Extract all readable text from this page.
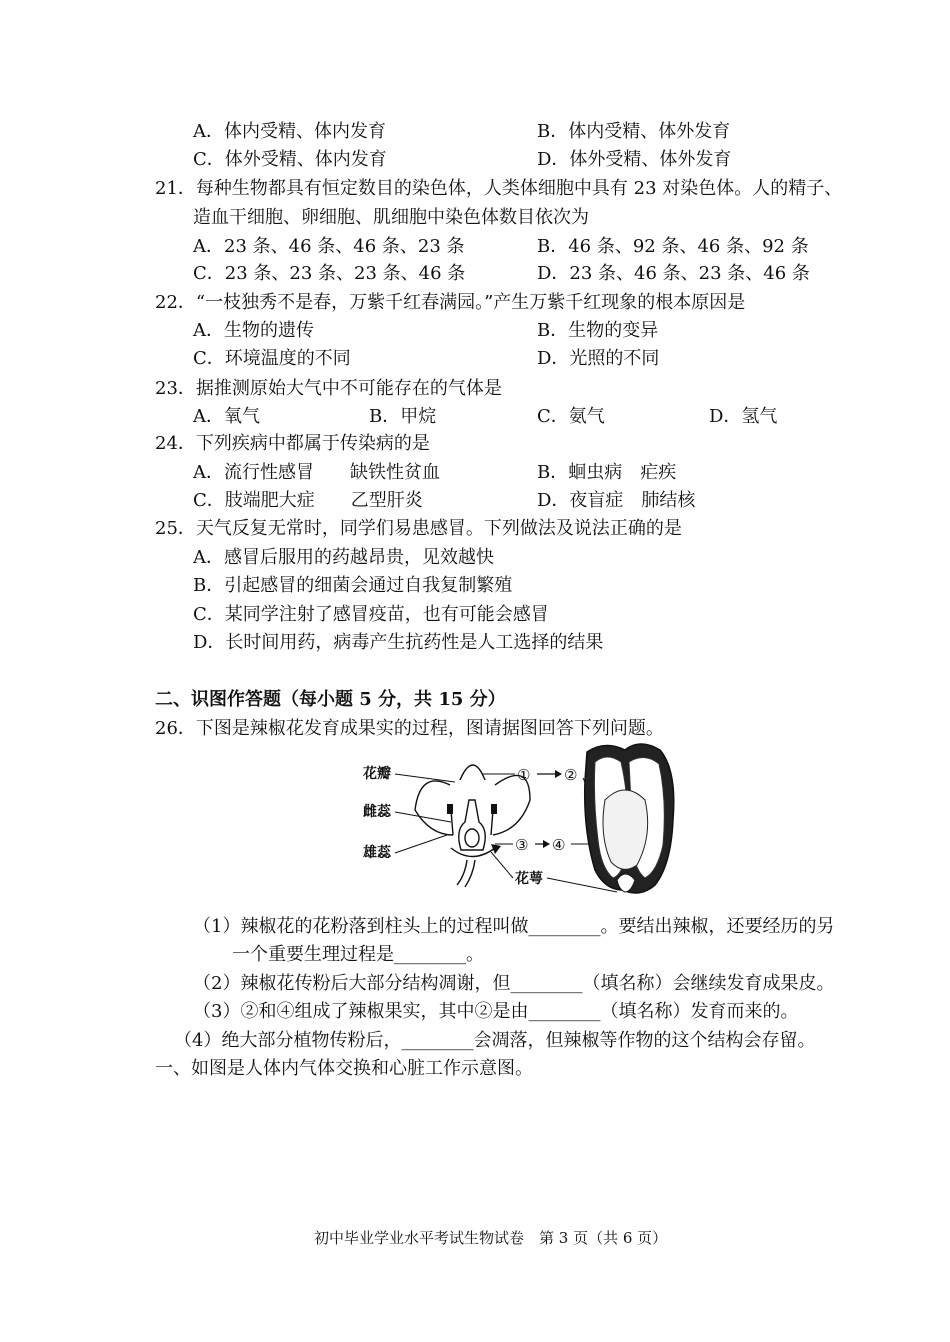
A．体内受精、体内发育	B．体内受精、体外发育
C．体外受精、体内发育	D．体外受精、体外发育
21．每种生物都具有恒定数目的染色体，人类体细胞中具有 23 对染色体。人的精子、
造血干细胞、卵细胞、肌细胞中染色体数目依次为
A．23 条、46 条、46 条、23 条	B．46 条、92 条、46 条、92 条
C．23 条、23 条、23 条、46 条	D．23 条、46 条、23 条、46 条
22．“一枝独秀不是春，万紫千红春满园。”产生万紫千红现象的根本原因是
A．生物的遗传	B．生物的变异
C．环境温度的不同	D．光照的不同
23．据推测原始大气中不可能存在的气体是
A．氧气	B．甲烷	C．氨气	D．氢气
24．下列疾病中都属于传染病的是
A．流行性感冒　　缺铁性贫血	B．蛔虫病　疟疾
C．肢端肥大症　　乙型肝炎	D．夜盲症　肺结核
25．天气反复无常时，同学们易患感冒。下列做法及说法正确的是
A．感冒后服用的药越昂贵，见效越快
B．引起感冒的细菌会通过自我复制繁殖
C．某同学注射了感冒疫苗，也有可能会感冒
D．长时间用药，病毒产生抗药性是人工选择的结果
二、识图作答题（每小题 5 分，共 15 分）
26．下图是辣椒花发育成果实的过程，图请据图回答下列问题。
花瓣
雌蕊
雄蕊
① ②
③ ④
花萼
（1）辣椒花的花粉落到柱头上的过程叫做________。要结出辣椒，还要经历的另
一个重要生理过程是________。
（2）辣椒花传粉后大部分结构凋谢，但________（填名称）会继续发育成果皮。
（3）②和④组成了辣椒果实，其中②是由________（填名称）发育而来的。
（4）绝大部分植物传粉后，________会凋落，但辣椒等作物的这个结构会存留。
一、如图是人体内气体交换和心脏工作示意图。
初中毕业学业水平考试生物试卷　第 3 页（共 6 页）
